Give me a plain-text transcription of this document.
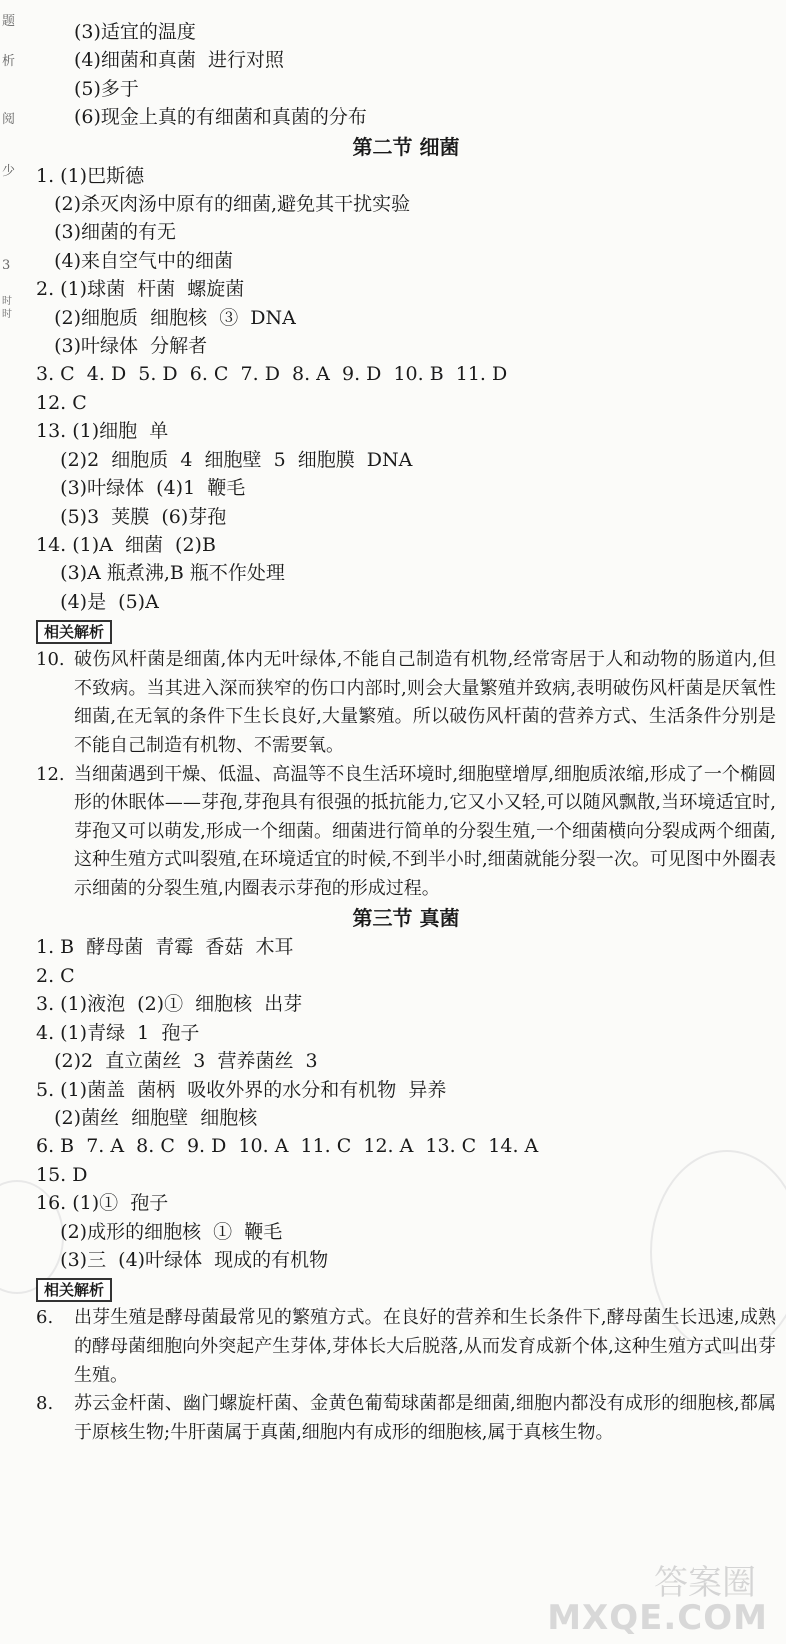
题
析
阅
少
3
时
时
(3)适宜的温度
(4)细菌和真菌  进行对照
(5)多于
(6)现金上真的有细菌和真菌的分布
第二节 细菌
1. (1)巴斯德
(2)杀灭肉汤中原有的细菌,避免其干扰实验
(3)细菌的有无
(4)来自空气中的细菌
2. (1)球菌  杆菌  螺旋菌
(2)细胞质  细胞核  ③  DNA
(3)叶绿体  分解者
3. C  4. D  5. D  6. C  7. D  8. A  9. D  10. B  11. D
12. C
13. (1)细胞  单
(2)2  细胞质  4  细胞壁  5  细胞膜  DNA
(3)叶绿体  (4)1  鞭毛
(5)3  荚膜  (6)芽孢
14. (1)A  细菌  (2)B
(3)A 瓶煮沸,B 瓶不作处理
(4)是  (5)A
相关解析
10. 破伤风杆菌是细菌,体内无叶绿体,不能自己制造有机物,经常寄居于人和动物的肠道内,但不致病。当其进入深而狭窄的伤口内部时,则会大量繁殖并致病,表明破伤风杆菌是厌氧性细菌,在无氧的条件下生长良好,大量繁殖。所以破伤风杆菌的营养方式、生活条件分别是不能自己制造有机物、不需要氧。
12. 当细菌遇到干燥、低温、高温等不良生活环境时,细胞壁增厚,细胞质浓缩,形成了一个椭圆形的休眠体——芽孢,芽孢具有很强的抵抗能力,它又小又轻,可以随风飘散,当环境适宜时,芽孢又可以萌发,形成一个细菌。细菌进行简单的分裂生殖,一个细菌横向分裂成两个细菌,这种生殖方式叫裂殖,在环境适宜的时候,不到半小时,细菌就能分裂一次。可见图中外圈表示细菌的分裂生殖,内圈表示芽孢的形成过程。
第三节 真菌
1. B  酵母菌  青霉  香菇  木耳
2. C
3. (1)液泡  (2)①  细胞核  出芽
4. (1)青绿  1  孢子
(2)2  直立菌丝  3  营养菌丝  3
5. (1)菌盖  菌柄  吸收外界的水分和有机物  异养
(2)菌丝  细胞壁  细胞核
6. B  7. A  8. C  9. D  10. A  11. C  12. A  13. C  14. A
15. D
16. (1)①  孢子
(2)成形的细胞核  ①  鞭毛
(3)三  (4)叶绿体  现成的有机物
相关解析
6. 出芽生殖是酵母菌最常见的繁殖方式。在良好的营养和生长条件下,酵母菌生长迅速,成熟的酵母菌细胞向外突起产生芽体,芽体长大后脱落,从而发育成新个体,这种生殖方式叫出芽生殖。
8. 苏云金杆菌、幽门螺旋杆菌、金黄色葡萄球菌都是细菌,细胞内都没有成形的细胞核,都属于原核生物;牛肝菌属于真菌,细胞内有成形的细胞核,属于真核生物。
答案圈
MXQE.COM
